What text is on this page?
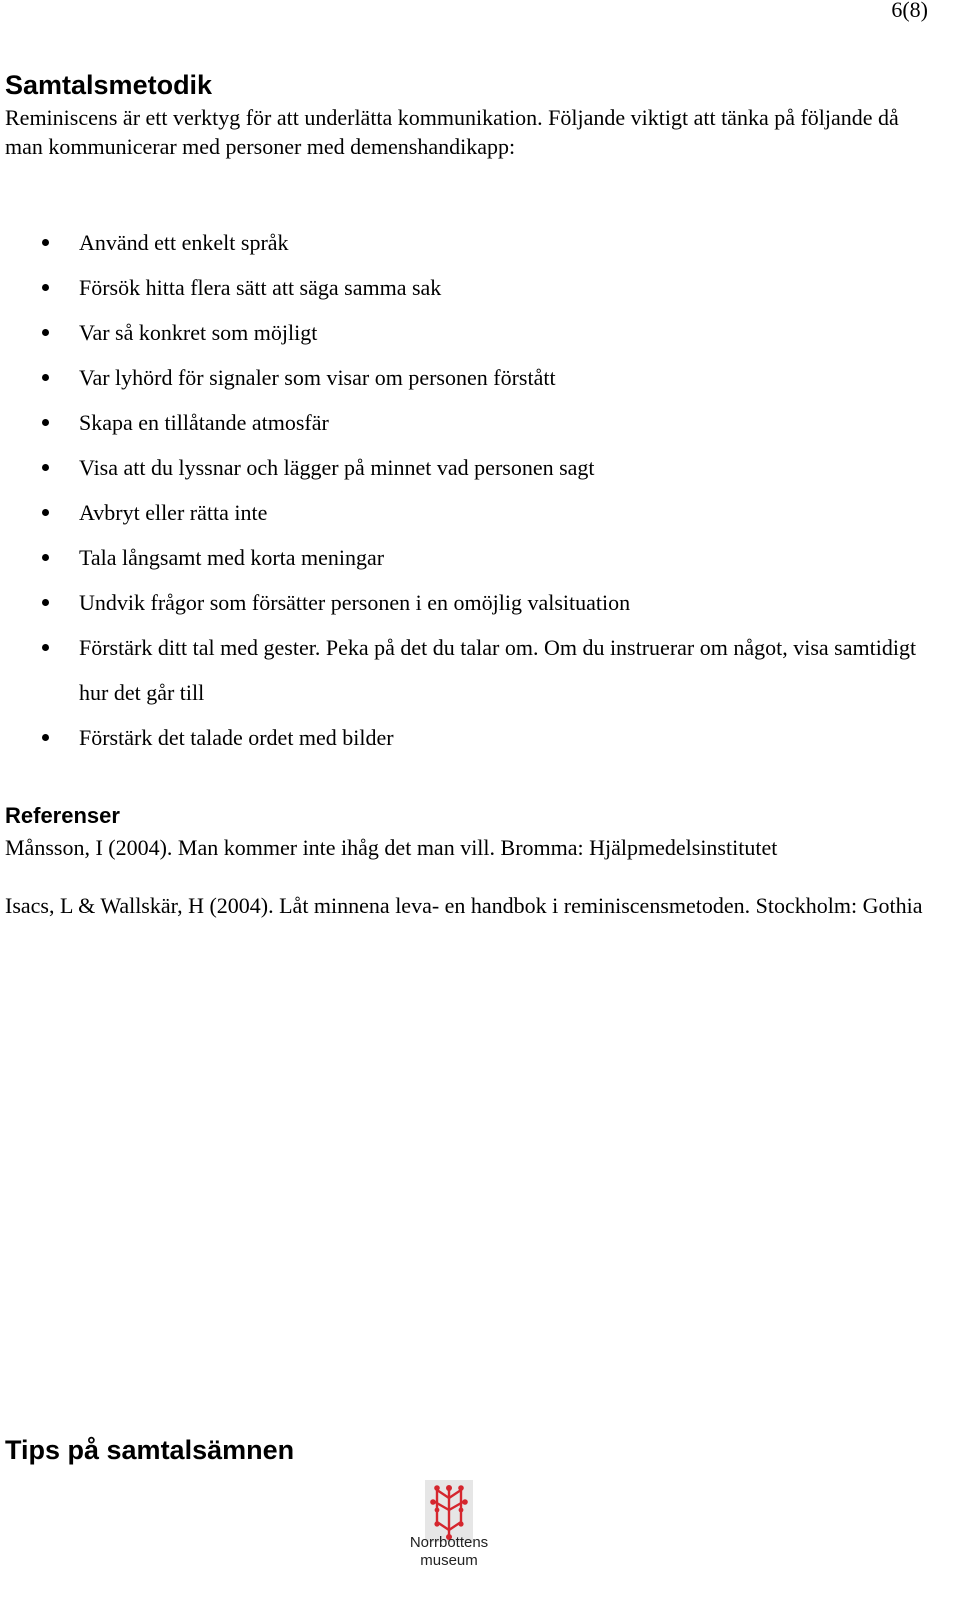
6(8)
Samtalsmetodik

Reminiscens är ett verktyg för att underlätta kommunikation. Följande viktigt att tänka på följande då man kommunicerar med personer med demenshandikapp:

Använd ett enkelt språk
Försök hitta flera sätt att säga samma sak
Var så konkret som möjligt
Var lyhörd för signaler som visar om personen förstått
Skapa en tillåtande atmosfär
Visa att du lyssnar och lägger på minnet vad personen sagt
Avbryt eller rätta inte
Tala långsamt med korta meningar
Undvik frågor som försätter personen i en omöjlig valsituation
Förstärk ditt tal med gester. Peka på det du talar om. Om du instruerar om något, visa samtidigt hur det går till
Förstärk det talade ordet med bilder
Referenser

Månsson, I (2004). Man kommer inte ihåg det man vill. Bromma: Hjälpmedelsinstitutet

Isacs, L & Wallskär, H (2004). Låt minnena leva- en handbok i reminiscensmetoden. Stockholm: Gothia

Tips på samtalsämnen
Norrbottens
museum
